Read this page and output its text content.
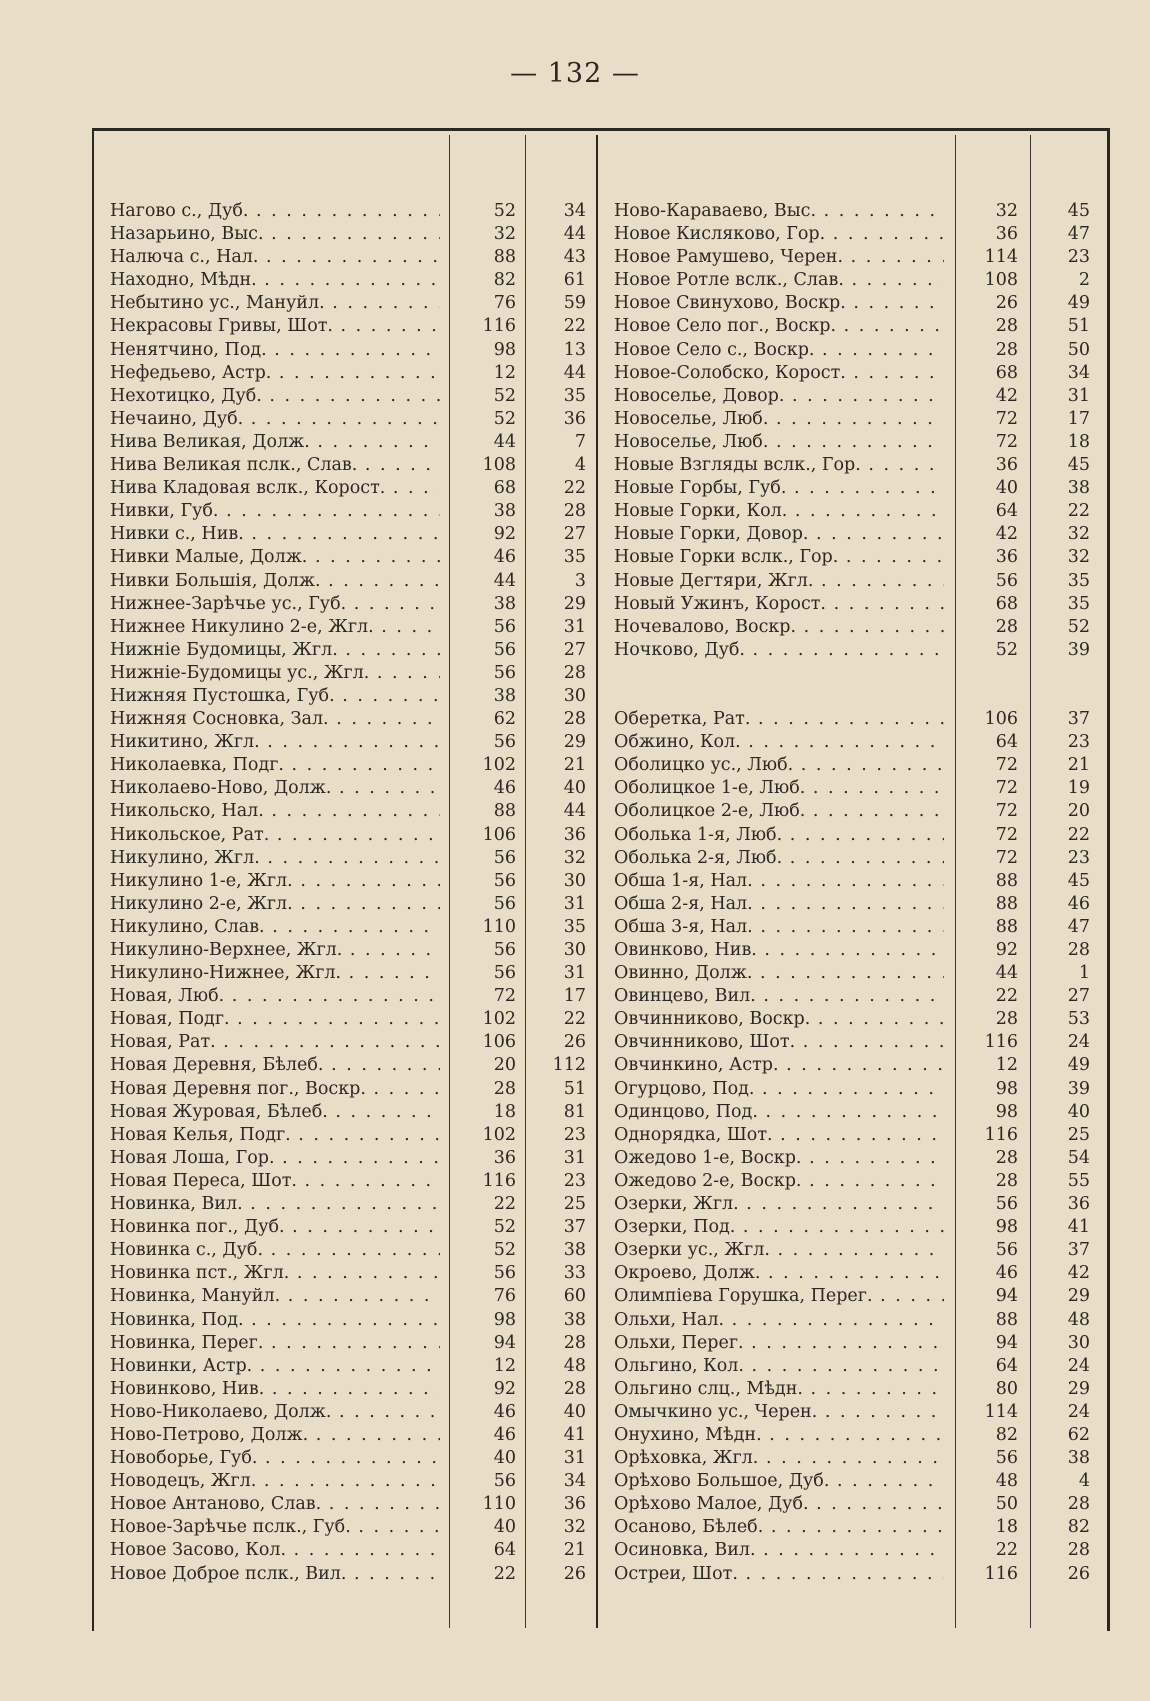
— 132 —
Нагово с., Дуб. . . .	52	34
Назарьино, Выс. . . .	32	44
Налюча с., Нал. . . .	88	43
Находно, Мѣдн. . . .	82	61
Небытино ус., Мануйл. . . .	76	59
Некрасовы Гривы, Шот. . . .	116	22
Ненятчино, Под. . . .	98	13
Нефедьево, Астр. . . .	12	44
Нехотицко, Дуб. . . .	52	35
Нечаино, Дуб. . . .	52	36
Нива Великая, Долж. . . .	44	7
Нива Великая пслк., Слав. . . .	108	4
Нива Кладовая вслк., Корост. . . .	68	22
Нивки, Губ. . . .	38	28
Нивки с., Нив. . . .	92	27
Нивки Малые, Долж. . . .	46	35
Нивки Большія, Долж. . . .	44	3
Нижнее-Зарѣчье ус., Губ. . . .	38	29
Нижнее Никулино 2-е, Жгл. . . .	56	31
Нижніе Будомицы, Жгл. . . .	56	27
Нижніе-Будомицы ус., Жгл. . . .	56	28
Нижняя Пустошка, Губ. . . .	38	30
Нижняя Сосновка, Зал. . . .	62	28
Никитино, Жгл. . . .	56	29
Николаевка, Подг. . . .	102	21
Николаево-Ново, Долж. . . .	46	40
Никольско, Нал. . . .	88	44
Никольское, Рат. . . .	106	36
Никулино, Жгл. . . .	56	32
Никулино 1-е, Жгл. . . .	56	30
Никулино 2-е, Жгл. . . .	56	31
Никулино, Слав. . . .	110	35
Никулино-Верхнее, Жгл. . . .	56	30
Никулино-Нижнее, Жгл. . . .	56	31
Новая, Люб. . . .	72	17
Новая, Подг. . . .	102	22
Новая, Рат. . . .	106	26
Новая Деревня, Бѣлеб. . . .	20 112
Новая Деревня пог., Воскр. . . .	28	51
Новая Журовая, Бѣлеб. . . .	18	81
Новая Келья, Подг. . . .	102	23
Новая Лоша, Гор. . . .	36	31
Новая Переса, Шот. . . .	116	23
Новинка, Вил. . . .	22	25
Новинка пог., Дуб. . . .	52	37
Новинка с., Дуб. . . .	52	38
Новинка пст., Жгл. . . .	56	33
Новинка, Мануйл. . . .	76	60
Новинка, Под. . . .	98	38
Новинка, Перег. . . .	94	28
Новинки, Астр. . . .	12	48
Новинково, Нив. . . .	92	28
Ново-Николаево, Долж. . . .	46	40
Ново-Петрово, Долж. . . .	46	41
Новоборье, Губ. . . .	40	31
Новодецъ, Жгл. . . .	56	34
Новое Антаново, Слав. . . .	110	36
Новое-Зарѣчье пслк., Губ. . . .	40	32
Новое Засово, Кол. . . .	64	21
Новое Доброе пслк., Вил. . . .	22	26
Ново-Караваево, Выс. . . .	32	45
Новое Кисляково, Гор. . . .	36	47
Новое Рамушево, Черен. . . .	114	23
Новое Ротле вслк., Слав. . . .	108	2
Новое Свинухово, Воскр. . . .	26	49
Новое Село пог., Воскр. . . .	28	51
Новое Село с., Воскр. . . .	28	50
Новое-Солобско, Корост. . . .	68	34
Новоселье, Довор. . . .	42	31
Новоселье, Люб. . . .	72	17
Новоселье, Люб. . . .	72	18
Новые Взгляды вслк., Гор. . . .	36	45
Новые Горбы, Губ. . . .	40	38
Новые Горки, Кол. . . .	64	22
Новые Горки, Довор. . . .	42	32
Новые Горки вслк., Гор. . . .	36	32
Новые Дегтяри, Жгл. . . .	56	35
Новый Ужинъ, Корост. . . .	68	35
Ночевалово, Воскр. . . .	28	52
Ночково, Дуб. . . .	52	39
Оберетка, Рат. . . .	106	37
Обжино, Кол. . . .	64	23
Оболицко ус., Люб. . . .	72	21
Оболицкое 1-е, Люб. . . .	72	19
Оболицкое 2-е, Люб. . . .	72	20
Оболька 1-я, Люб. . . .	72	22
Оболька 2-я, Люб. . . .	72	23
Обша 1-я, Нал. . . .	88	45
Обша 2-я, Нал. . . .	88	46
Обша 3-я, Нал. . . .	88	47
Овинково, Нив. . . .	92	28
Овинно, Долж. . . .	44	1
Овинцево, Вил. . . .	22	27
Овчинниково, Воскр. . . .	28	53
Овчинниково, Шот. . . .	116	24
Овчинкино, Астр. . . .	12	49
Огурцово, Под. . . .	98	39
Одинцово, Под. . . .	98	40
Однорядка, Шот. . . .	116	25
Ожедово 1-е, Воскр. . . .	28	54
Ожедово 2-е, Воскр. . . .	28	55
Озерки, Жгл. . . .	56	36
Озерки, Под. . . .	98	41
Озерки ус., Жгл. . . .	56	37
Окроево, Долж. . . .	46	42
Олимпіева Горушка, Перег. . . .	94	29
Ольхи, Нал. . . .	88	48
Ольхи, Перег. . . .	94	30
Ольгино, Кол. . . .	64	24
Ольгино слц., Мѣдн. . . .	80	29
Омычкино ус., Черен. . . .	114	24
Онухино, Мѣдн. . . .	82	62
Орѣховка, Жгл. . . .	56	38
Орѣхово Большое, Дуб. . . .	48	4
Орѣхово Малое, Дуб. . . .	50	28
Осаново, Бѣлеб. . . .	18	82
Осиновка, Вил. . . .	22	28
Остреи, Шот. . . .	116	26
